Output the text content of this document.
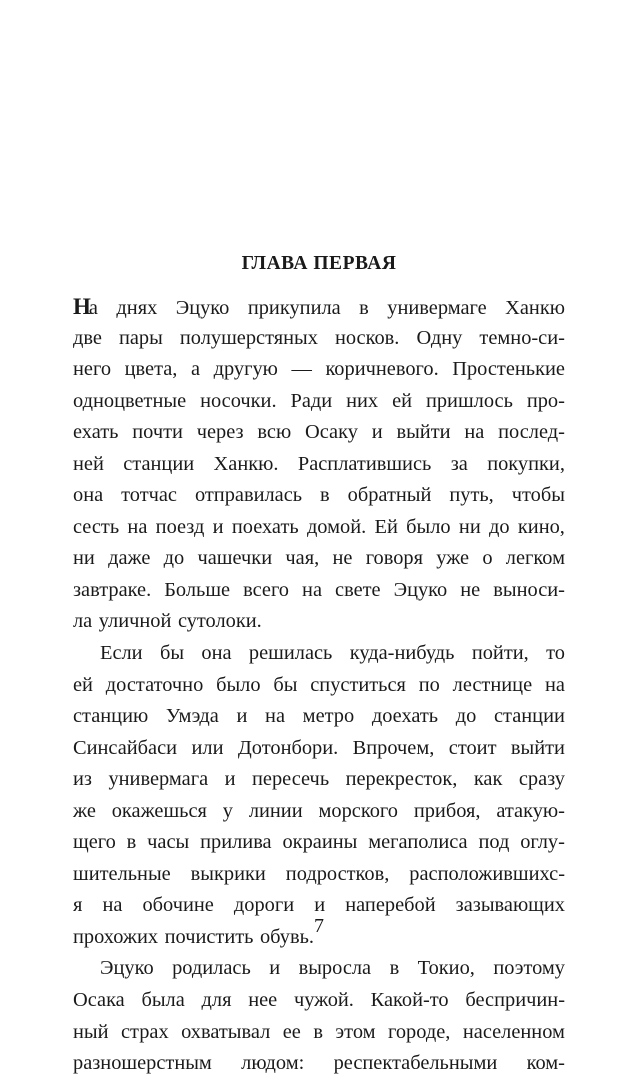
ГЛАВА ПЕРВАЯ
На днях Эцуко прикупила в универмаге Ханкю
две пары полушерстяных носков. Одну темно-си-
него цвета, а другую — коричневого. Простенькие
одноцветные носочки. Ради них ей пришлось про-
ехать почти через всю Осаку и выйти на послед-
ней станции Ханкю. Расплатившись за покупки,
она тотчас отправилась в обратный путь, чтобы
сесть на поезд и поехать домой. Ей было ни до кино,
ни даже до чашечки чая, не говоря уже о легком
завтраке. Больше всего на свете Эцуко не выноси-
ла уличной сутолоки.
Если бы она решилась куда-нибудь пойти, то
ей достаточно было бы спуститься по лестнице на
станцию Умэда и на метро доехать до станции
Синсайбаси или Дотонбори. Впрочем, стоит выйти
из универмага и пересечь перекресток, как сразу
же окажешься у линии морского прибоя, атакую-
щего в часы прилива окраины мегаполиса под оглу-
шительные выкрики подростков, расположившихс-
я на обочине дороги и наперебой зазывающих
прохожих почистить обувь.
Эцуко родилась и выросла в Токио, поэтому
Осака была для нее чужой. Какой-то беспричин-
ный страх охватывал ее в этом городе, населенном
разношерстным людом: респектабельными ком-
7
